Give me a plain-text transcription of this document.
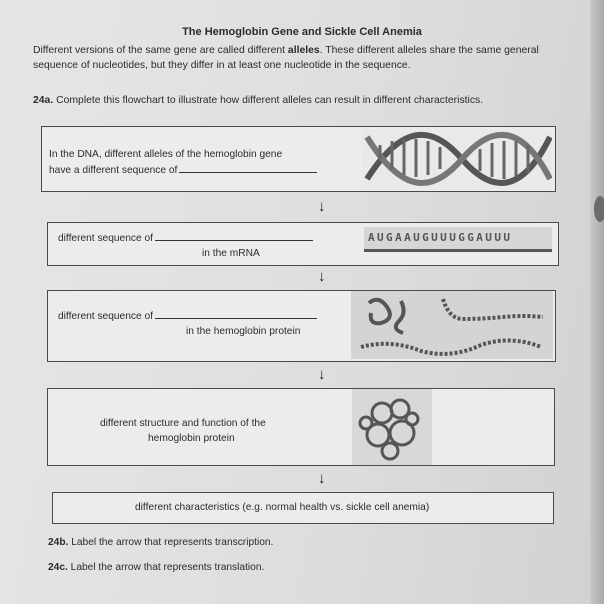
The Hemoglobin Gene and Sickle Cell Anemia
Different versions of the same gene are called different alleles. These different alleles share the same general sequence of nucleotides, but they differ in at least one nucleotide in the sequence.
24a. Complete this flowchart to illustrate how different alleles can result in different characteristics.
In the DNA, different alleles of the hemoglobin gene
have a different sequence of
↓
different sequence of
in the mRNA
AUGAAUGUUUGGAUUU
↓
different sequence of
in the hemoglobin protein
↓
different structure and function of the
hemoglobin protein
↓
different characteristics (e.g. normal health vs. sickle cell anemia)
24b. Label the arrow that represents transcription.
24c. Label the arrow that represents translation.
